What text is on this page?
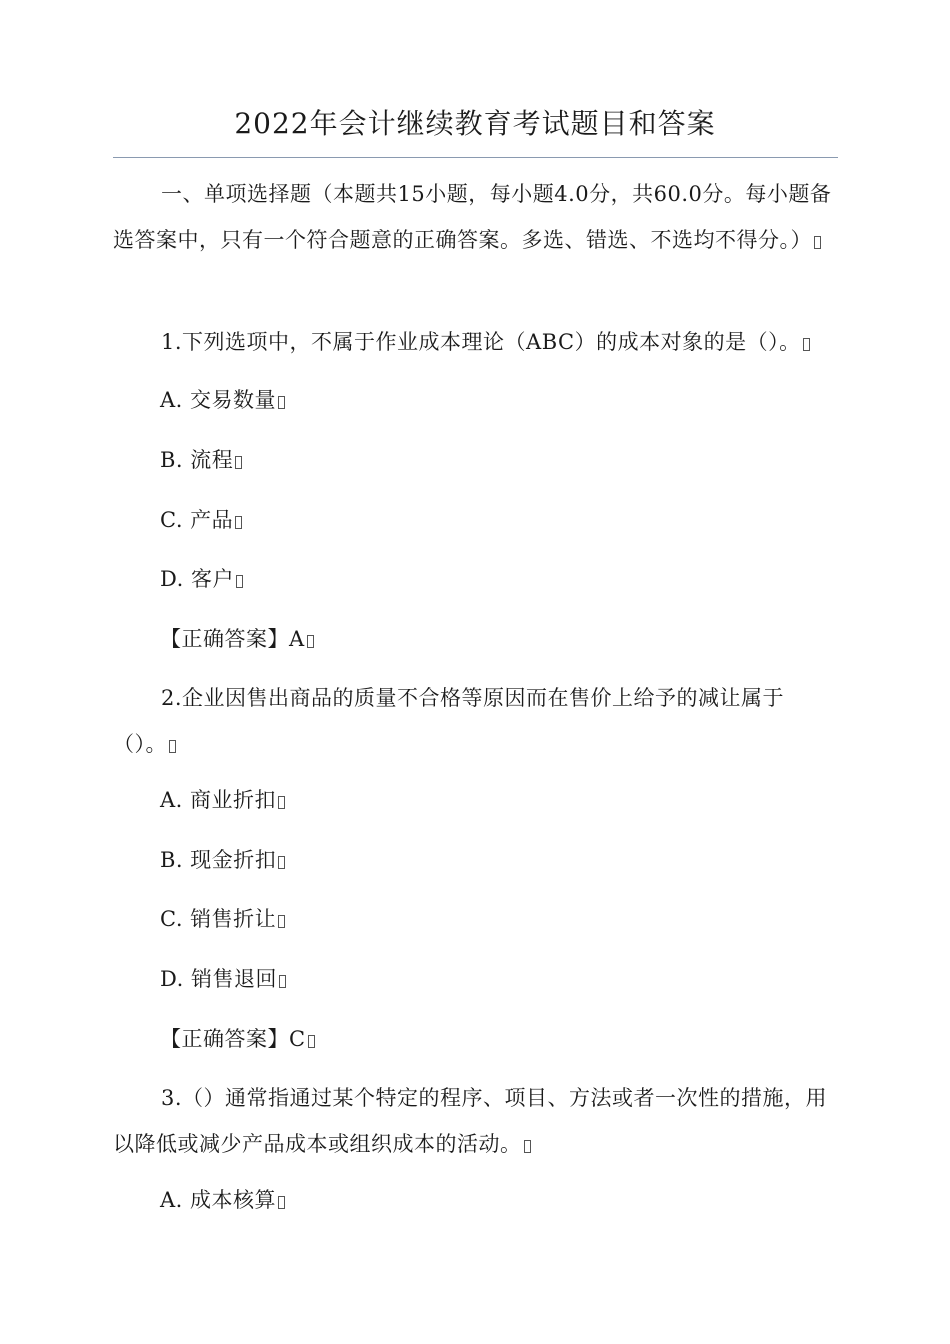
2022年会计继续教育考试题目和答案

一、单项选择题（本题共15小题，每小题4.0分，共60.0分。每小题备选答案中，只有一个符合题意的正确答案。多选、错选、不选均不得分。）

1.下列选项中，不属于作业成本理论（ABC）的成本对象的是（）。

A. 交易数量
B. 流程
C. 产品
D. 客户
【正确答案】A

2.企业因售出商品的质量不合格等原因而在售价上给予的减让属于（）。

A. 商业折扣
B. 现金折扣
C. 销售折让
D. 销售退回
【正确答案】C

3.（）通常指通过某个特定的程序、项目、方法或者一次性的措施，用以降低或减少产品成本或组织成本的活动。

A. 成本核算
